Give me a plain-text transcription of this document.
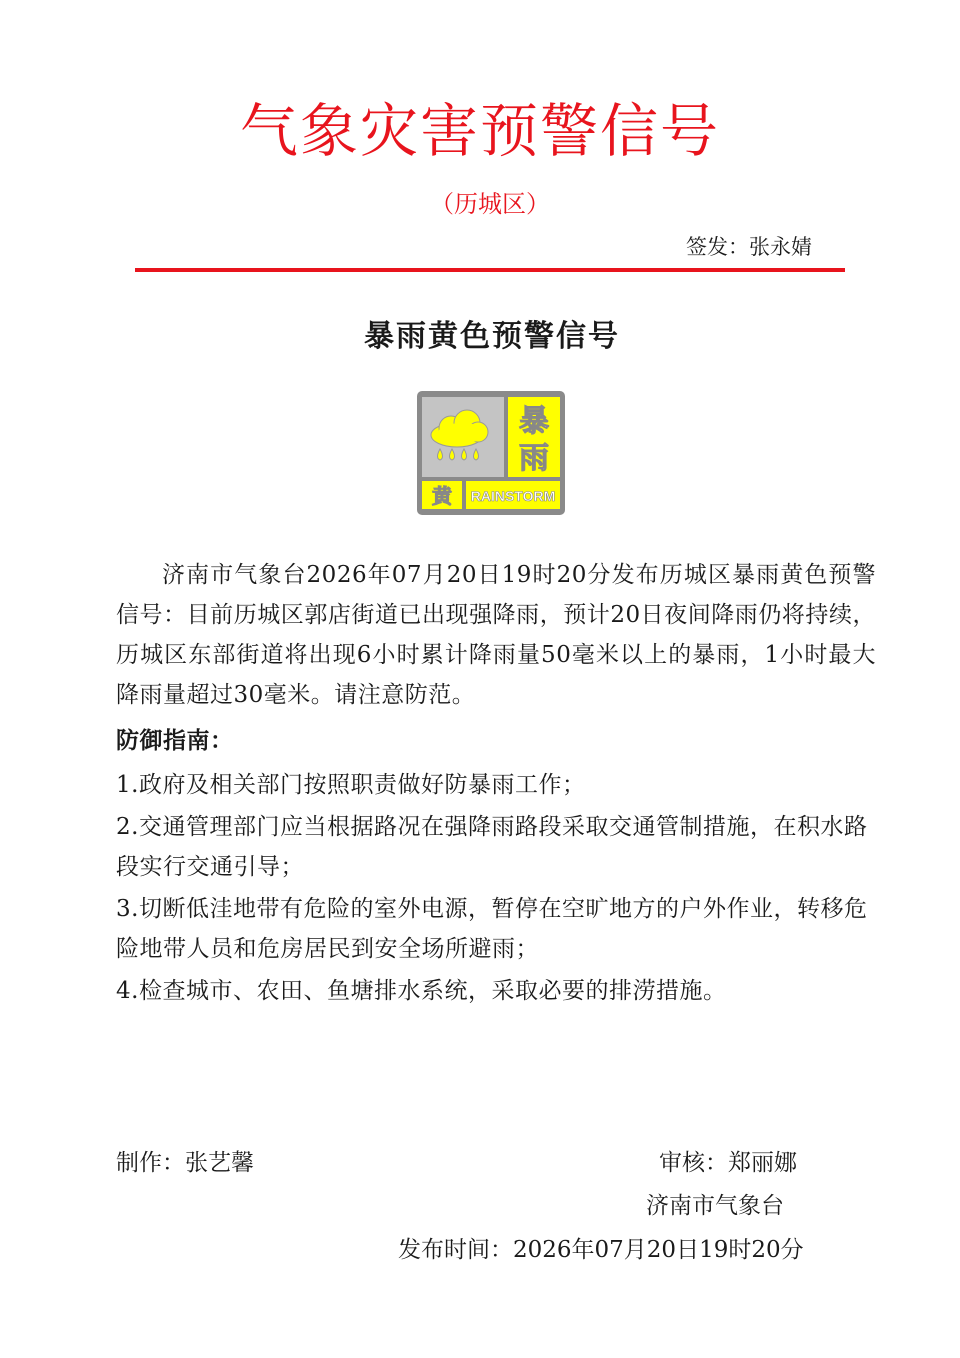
气象灾害预警信号
（历城区）
签发：张永婧
暴雨黄色预警信号
暴
雨
黄 RAINSTORM

济南市气象台2026年07月20日19时20分发布历城区暴雨黄色预警信号：目前历城区郭店街道已出现强降雨，预计20日夜间降雨仍将持续，历城区东部街道将出现6小时累计降雨量50毫米以上的暴雨，1小时最大降雨量超过30毫米。请注意防范。

防御指南：
1.政府及相关部门按照职责做好防暴雨工作；
2.交通管理部门应当根据路况在强降雨路段采取交通管制措施，在积水路段实行交通引导；
3.切断低洼地带有危险的室外电源，暂停在空旷地方的户外作业，转移危险地带人员和危房居民到安全场所避雨；
4.检查城市、农田、鱼塘排水系统，采取必要的排涝措施。
制作：张艺馨	审核：郑丽娜
济南市气象台
发布时间：2026年07月20日19时20分
